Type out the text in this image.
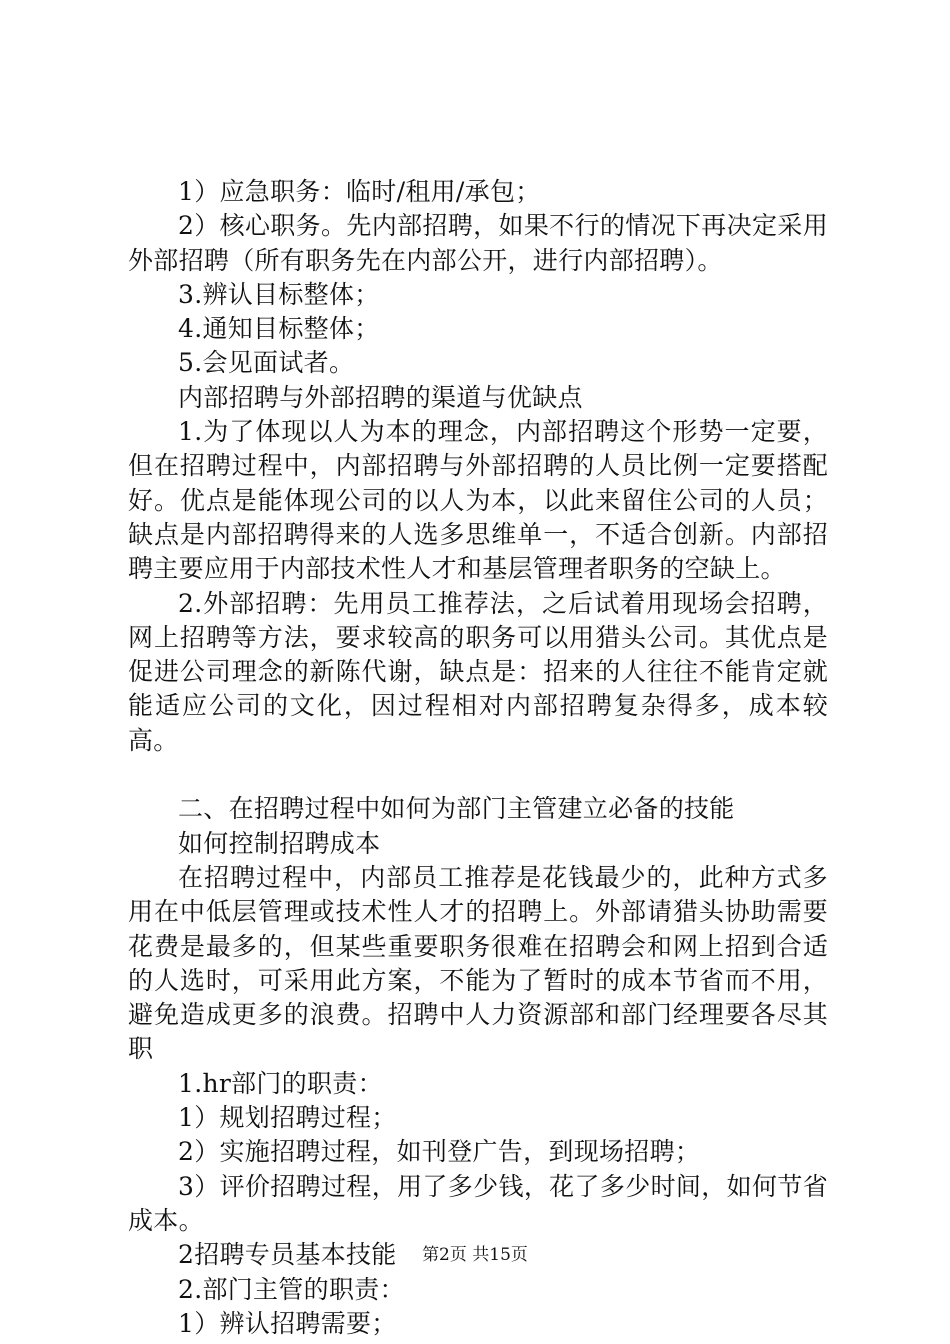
1）应急职务：临时/租用/承包；

2）核心职务。先内部招聘，如果不行的情况下再决定采用外部招聘（所有职务先在内部公开，进行内部招聘）。

3.辨认目标整体；

4.通知目标整体；

5.会见面试者。

内部招聘与外部招聘的渠道与优缺点

1.为了体现以人为本的理念，内部招聘这个形势一定要，但在招聘过程中，内部招聘与外部招聘的人员比例一定要搭配好。优点是能体现公司的以人为本，以此来留住公司的人员；缺点是内部招聘得来的人选多思维单一，不适合创新。内部招聘主要应用于内部技术性人才和基层管理者职务的空缺上。

2.外部招聘：先用员工推荐法，之后试着用现场会招聘，网上招聘等方法，要求较高的职务可以用猎头公司。其优点是促进公司理念的新陈代谢，缺点是：招来的人往往不能肯定就能适应公司的文化，因过程相对内部招聘复杂得多，成本较高。

二、在招聘过程中如何为部门主管建立必备的技能

如何控制招聘成本

在招聘过程中，内部员工推荐是花钱最少的，此种方式多用在中低层管理或技术性人才的招聘上。外部请猎头协助需要花费是最多的，但某些重要职务很难在招聘会和网上招到合适的人选时，可采用此方案，不能为了暂时的成本节省而不用，避免造成更多的浪费。招聘中人力资源部和部门经理要各尽其职

1.hr部门的职责：

1）规划招聘过程；

2）实施招聘过程，如刊登广告，到现场招聘；

3）评价招聘过程，用了多少钱，花了多少时间，如何节省成本。

2招聘专员基本技能

2.部门主管的职责：

1）辨认招聘需要；

第2页 共15页
